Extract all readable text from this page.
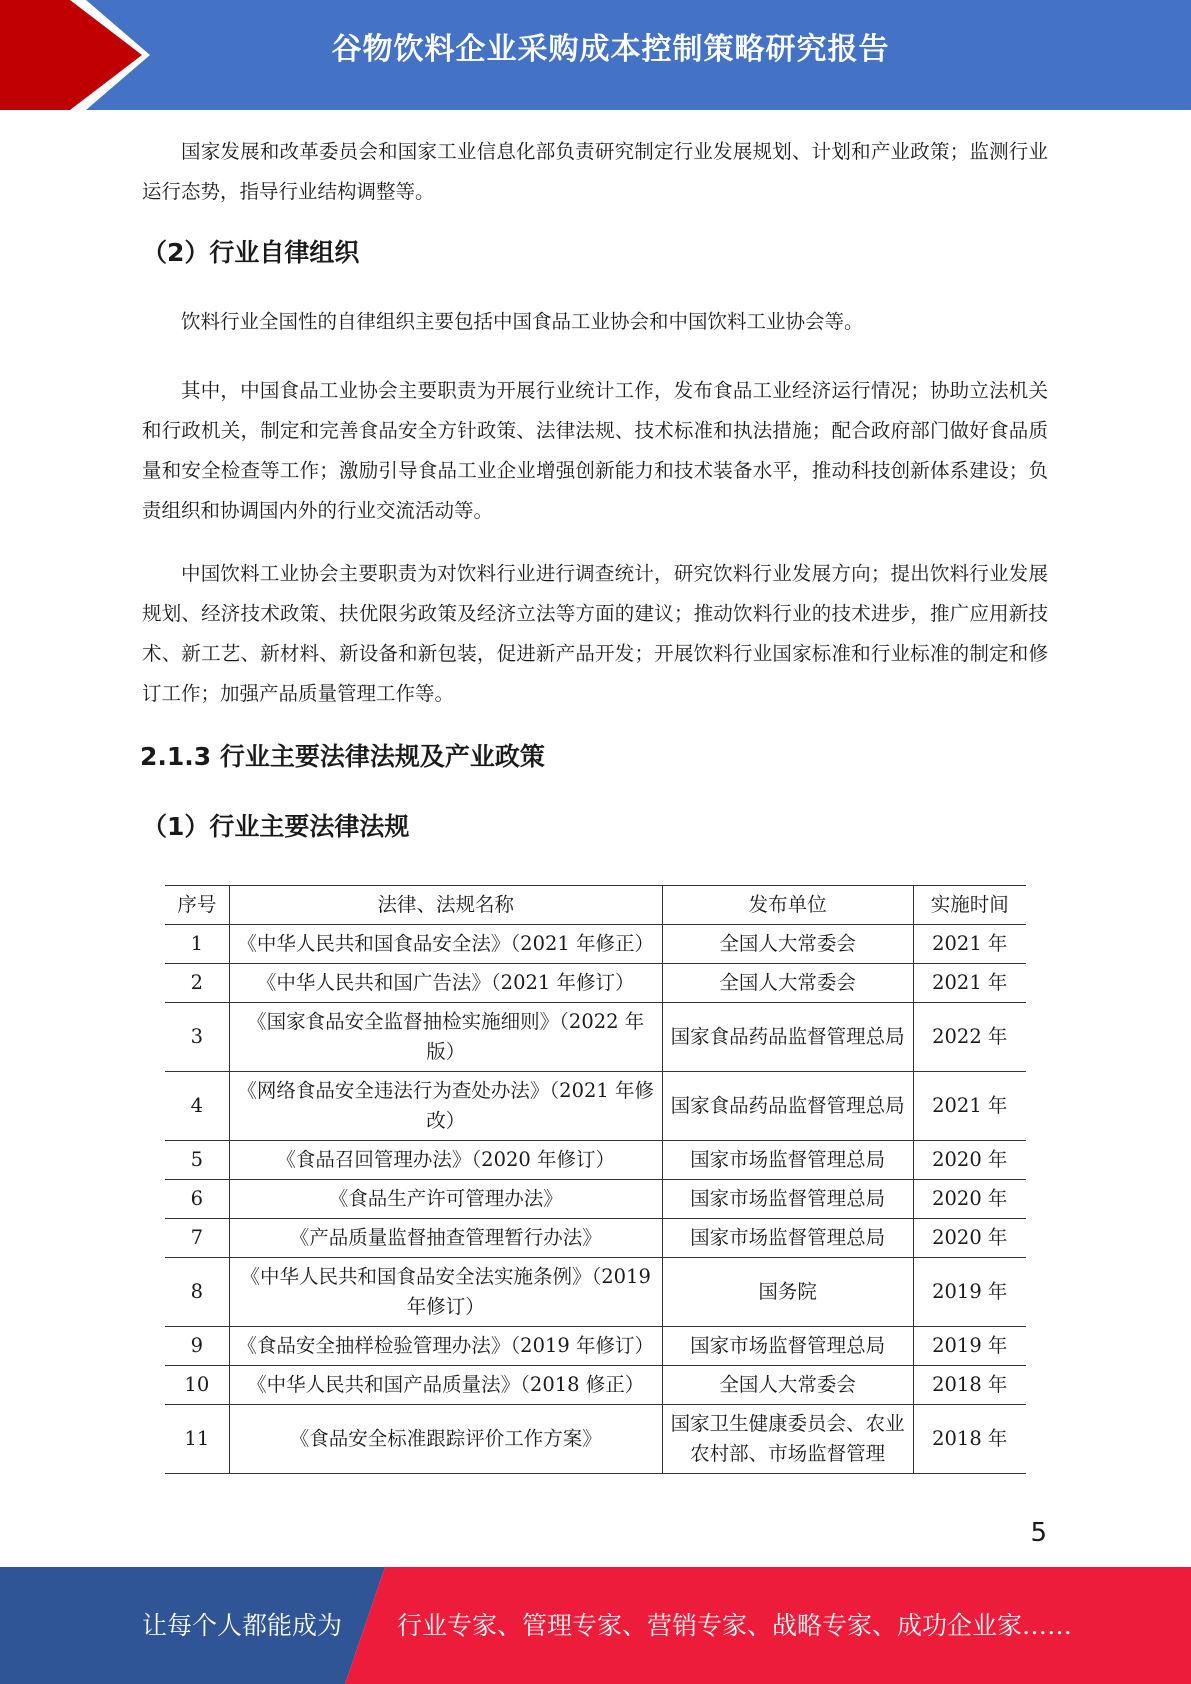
谷物饮料企业采购成本控制策略研究报告

国家发展和改革委员会和国家工业信息化部负责研究制定行业发展规划、计划和产业政策；监测行业运行态势，指导行业结构调整等。

（2）行业自律组织

饮料行业全国性的自律组织主要包括中国食品工业协会和中国饮料工业协会等。

其中，中国食品工业协会主要职责为开展行业统计工作，发布食品工业经济运行情况；协助立法机关和行政机关，制定和完善食品安全方针政策、法律法规、技术标准和执法措施；配合政府部门做好食品质量和安全检查等工作；激励引导食品工业企业增强创新能力和技术装备水平，推动科技创新体系建设；负责组织和协调国内外的行业交流活动等。

中国饮料工业协会主要职责为对饮料行业进行调查统计，研究饮料行业发展方向；提出饮料行业发展规划、经济技术政策、扶优限劣政策及经济立法等方面的建议；推动饮料行业的技术进步，推广应用新技术、新工艺、新材料、新设备和新包装，促进新产品开发；开展饮料行业国家标准和行业标准的制定和修订工作；加强产品质量管理工作等。

2.1.3 行业主要法律法规及产业政策
（1）行业主要法律法规
序号	法律、法规名称	发布单位	实施时间
1	《中华人民共和国食品安全法》（2021 年修正）	全国人大常委会	2021 年
2	《中华人民共和国广告法》（2021 年修订）	全国人大常委会	2021 年
3	《国家食品安全监督抽检实施细则》（2022 年版）	国家食品药品监督管理总局	2022 年
4	《网络食品安全违法行为查处办法》（2021 年修改）	国家食品药品监督管理总局	2021 年
5	《食品召回管理办法》（2020 年修订）	国家市场监督管理总局	2020 年
6	《食品生产许可管理办法》	国家市场监督管理总局	2020 年
7	《产品质量监督抽查管理暂行办法》	国家市场监督管理总局	2020 年
8	《中华人民共和国食品安全法实施条例》（2019 年修订）	国务院	2019 年
9	《食品安全抽样检验管理办法》（2019 年修订）	国家市场监督管理总局	2019 年
10	《中华人民共和国产品质量法》（2018 修正）	全国人大常委会	2018 年
11	《食品安全标准跟踪评价工作方案》	国家卫生健康委员会、农业农村部、市场监督管理	2018 年
5
让每个人都能成为 行业专家、管理专家、营销专家、战略专家、成功企业家……
